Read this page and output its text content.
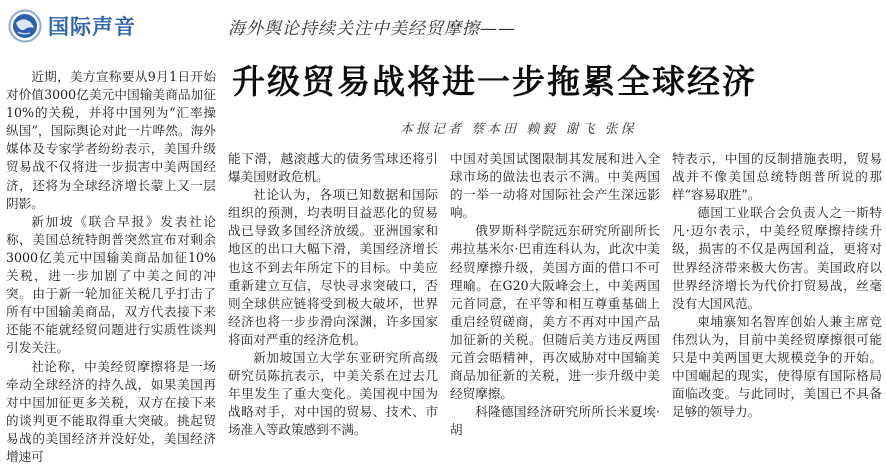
国际声音	海外舆论持续关注中美经贸摩擦——
升级贸易战将进一步拖累全球经济
本报记者 蔡本田 赖毅 谢飞 张保

近期，美方宣称要从9月1日开始对价值3000亿美元中国输美商品加征10%的关税，并将中国列为“汇率操纵国”，国际舆论对此一片哗然。海外媒体及专家学者纷纷表示，美国升级贸易战不仅将进一步损害中美两国经济，还将为全球经济增长蒙上又一层阴影。

新加坡《联合早报》发表社论称，美国总统特朗普突然宣布对剩余3000亿美元中国输美商品加征10%关税，进一步加剧了中美之间的冲突。由于新一轮加征关税几乎打击了所有中国输美商品，双方代表接下来还能不能就经贸问题进行实质性谈判引发关注。

社论称，中美经贸摩擦将是一场牵动全球经济的持久战，如果美国再对中国加征更多关税，双方在接下来的谈判更不能取得重大突破。挑起贸易战的美国经济并没好处，美国经济增速可

能下滑，越滚越大的债务雪球还将引爆美国财政危机。

社论认为，各项已知数据和国际组织的预测，均表明目益恶化的贸易战已导致多国经济放缓。亚洲国家和地区的出口大幅下滑，美国经济增长也这不到去年所定下的目标。中美应重新建立互信，尽快寻求突破口，否则全球供应链将受到极大破坏，世界经济也将一步步滑向深渊，许多国家将面对严重的经济危机。

新加坡国立大学东亚研究所高级研究员陈抗表示，中美关系在过去几年里发生了重大变化。美国视中国为战略对手，对中国的贸易、技术、市场准入等政策感到不满。

中国对美国试图限制其发展和进入全球市场的做法也表示不满。中美两国的一举一动将对国际社会产生深远影响。

俄罗斯科学院远东研究所副所长弗拉基米尔·巴甫连科认为，此次中美经贸摩擦升级，美国方面的借口不可理喻。在G20大阪峰会上，中美两国元首同意，在平等和相互尊重基础上重启经贸磋商，美方不再对中国产品加征新的关税。但随后美方违反两国元首会晤精神，再次威胁对中国输美商品加征新的关税，进一步升级中美经贸摩擦。

科隆德国经济研究所所长米夏埃·胡

特表示，中国的反制措施表明，贸易战并不像美国总统特朗普所说的那样“容易取胜”。

德国工业联合会负责人之一斯特凡·迈尔表示，中美经贸摩擦持续升级，损害的不仅是两国利益，更将对世界经济带来极大伤害。美国政府以世界经济增长为代价打贸易战，丝毫没有大国风范。

柬埔寨知名智库创始人兼主席竞伟烈认为，目前中美经贸摩擦很可能只是中美两国更大规模竞争的开始。中国崛起的现实，使得原有国际格局面临改变。与此同时，美国已不具备足够的领导力。
